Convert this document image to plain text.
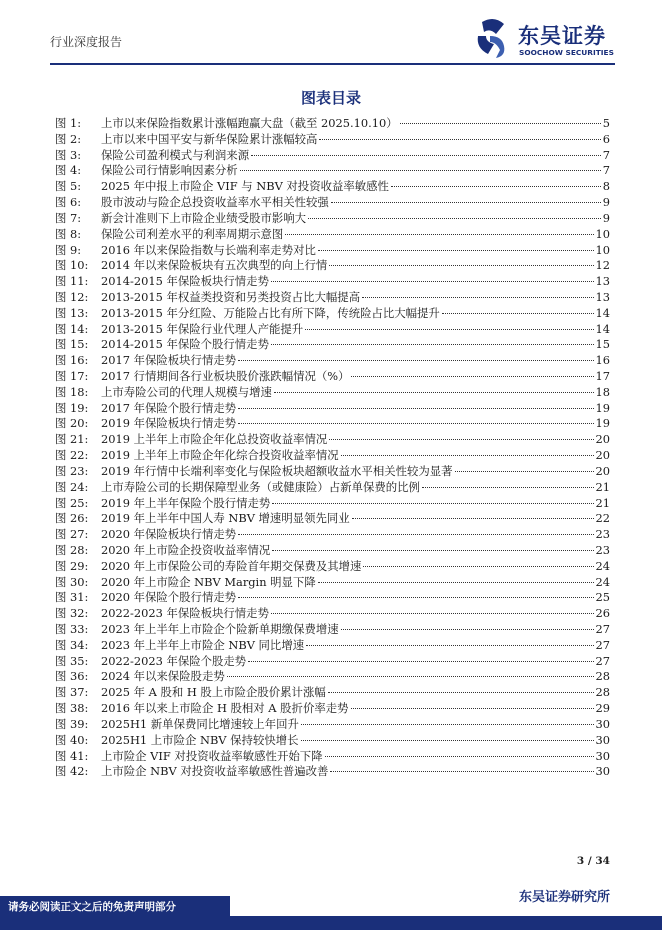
行业深度报告	东吴证券
SOOCHOW SECURITIES
图表目录
图 1:	上市以来保险指数累计涨幅跑赢大盘（截至 2025.10.10）	5
图 2:	上市以来中国平安与新华保险累计涨幅较高	6
图 3:	保险公司盈利模式与利润来源	7
图 4:	保险公司行情影响因素分析	7
图 5:	2025 年中报上市险企 VIF 与 NBV 对投资收益率敏感性	8
图 6:	股市波动与险企总投资收益率水平相关性较强	9
图 7:	新会计准则下上市险企业绩受股市影响大	9
图 8:	保险公司利差水平的利率周期示意图	10
图 9:	2016 年以来保险指数与长端利率走势对比	10
图 10:	2014 年以来保险板块有五次典型的向上行情	12
图 11:	2014-2015 年保险板块行情走势	13
图 12:	2013-2015 年权益类投资和另类投资占比大幅提高	13
图 13:	2013-2015 年分红险、万能险占比有所下降，传统险占比大幅提升	14
图 14:	2013-2015 年保险行业代理人产能提升	14
图 15:	2014-2015 年保险个股行情走势	15
图 16:	2017 年保险板块行情走势	16
图 17:	2017 行情期间各行业板块股价涨跌幅情况（%）	17
图 18:	上市寿险公司的代理人规模与增速	18
图 19:	2017 年保险个股行情走势	19
图 20:	2019 年保险板块行情走势	19
图 21:	2019 上半年上市险企年化总投资收益率情况	20
图 22:	2019 上半年上市险企年化综合投资收益率情况	20
图 23:	2019 年行情中长端利率变化与保险板块超额收益水平相关性较为显著	20
图 24:	上市寿险公司的长期保障型业务（或健康险）占新单保费的比例	21
图 25:	2019 年上半年保险个股行情走势	21
图 26:	2019 年上半年中国人寿 NBV 增速明显领先同业	22
图 27:	2020 年保险板块行情走势	23
图 28:	2020 年上市险企投资收益率情况	23
图 29:	2020 年上市保险公司的寿险首年期交保费及其增速	24
图 30:	2020 年上市险企 NBV Margin 明显下降	24
图 31:	2020 年保险个股行情走势	25
图 32:	2022-2023 年保险板块行情走势	26
图 33:	2023 年上半年上市险企个险新单期缴保费增速	27
图 34:	2023 年上半年上市险企 NBV 同比增速	27
图 35:	2022-2023 年保险个股走势	27
图 36:	2024 年以来保险股走势	28
图 37:	2025 年 A 股和 H 股上市险企股价累计涨幅	28
图 38:	2016 年以来上市险企 H 股相对 A 股折价率走势	29
图 39:	2025H1 新单保费同比增速较上年回升	30
图 40:	2025H1 上市险企 NBV 保持较快增长	30
图 41:	上市险企 VIF 对投资收益率敏感性开始下降	30
图 42:	上市险企 NBV 对投资收益率敏感性普遍改善	30
3 / 34
东吴证券研究所
请务必阅读正文之后的免责声明部分
